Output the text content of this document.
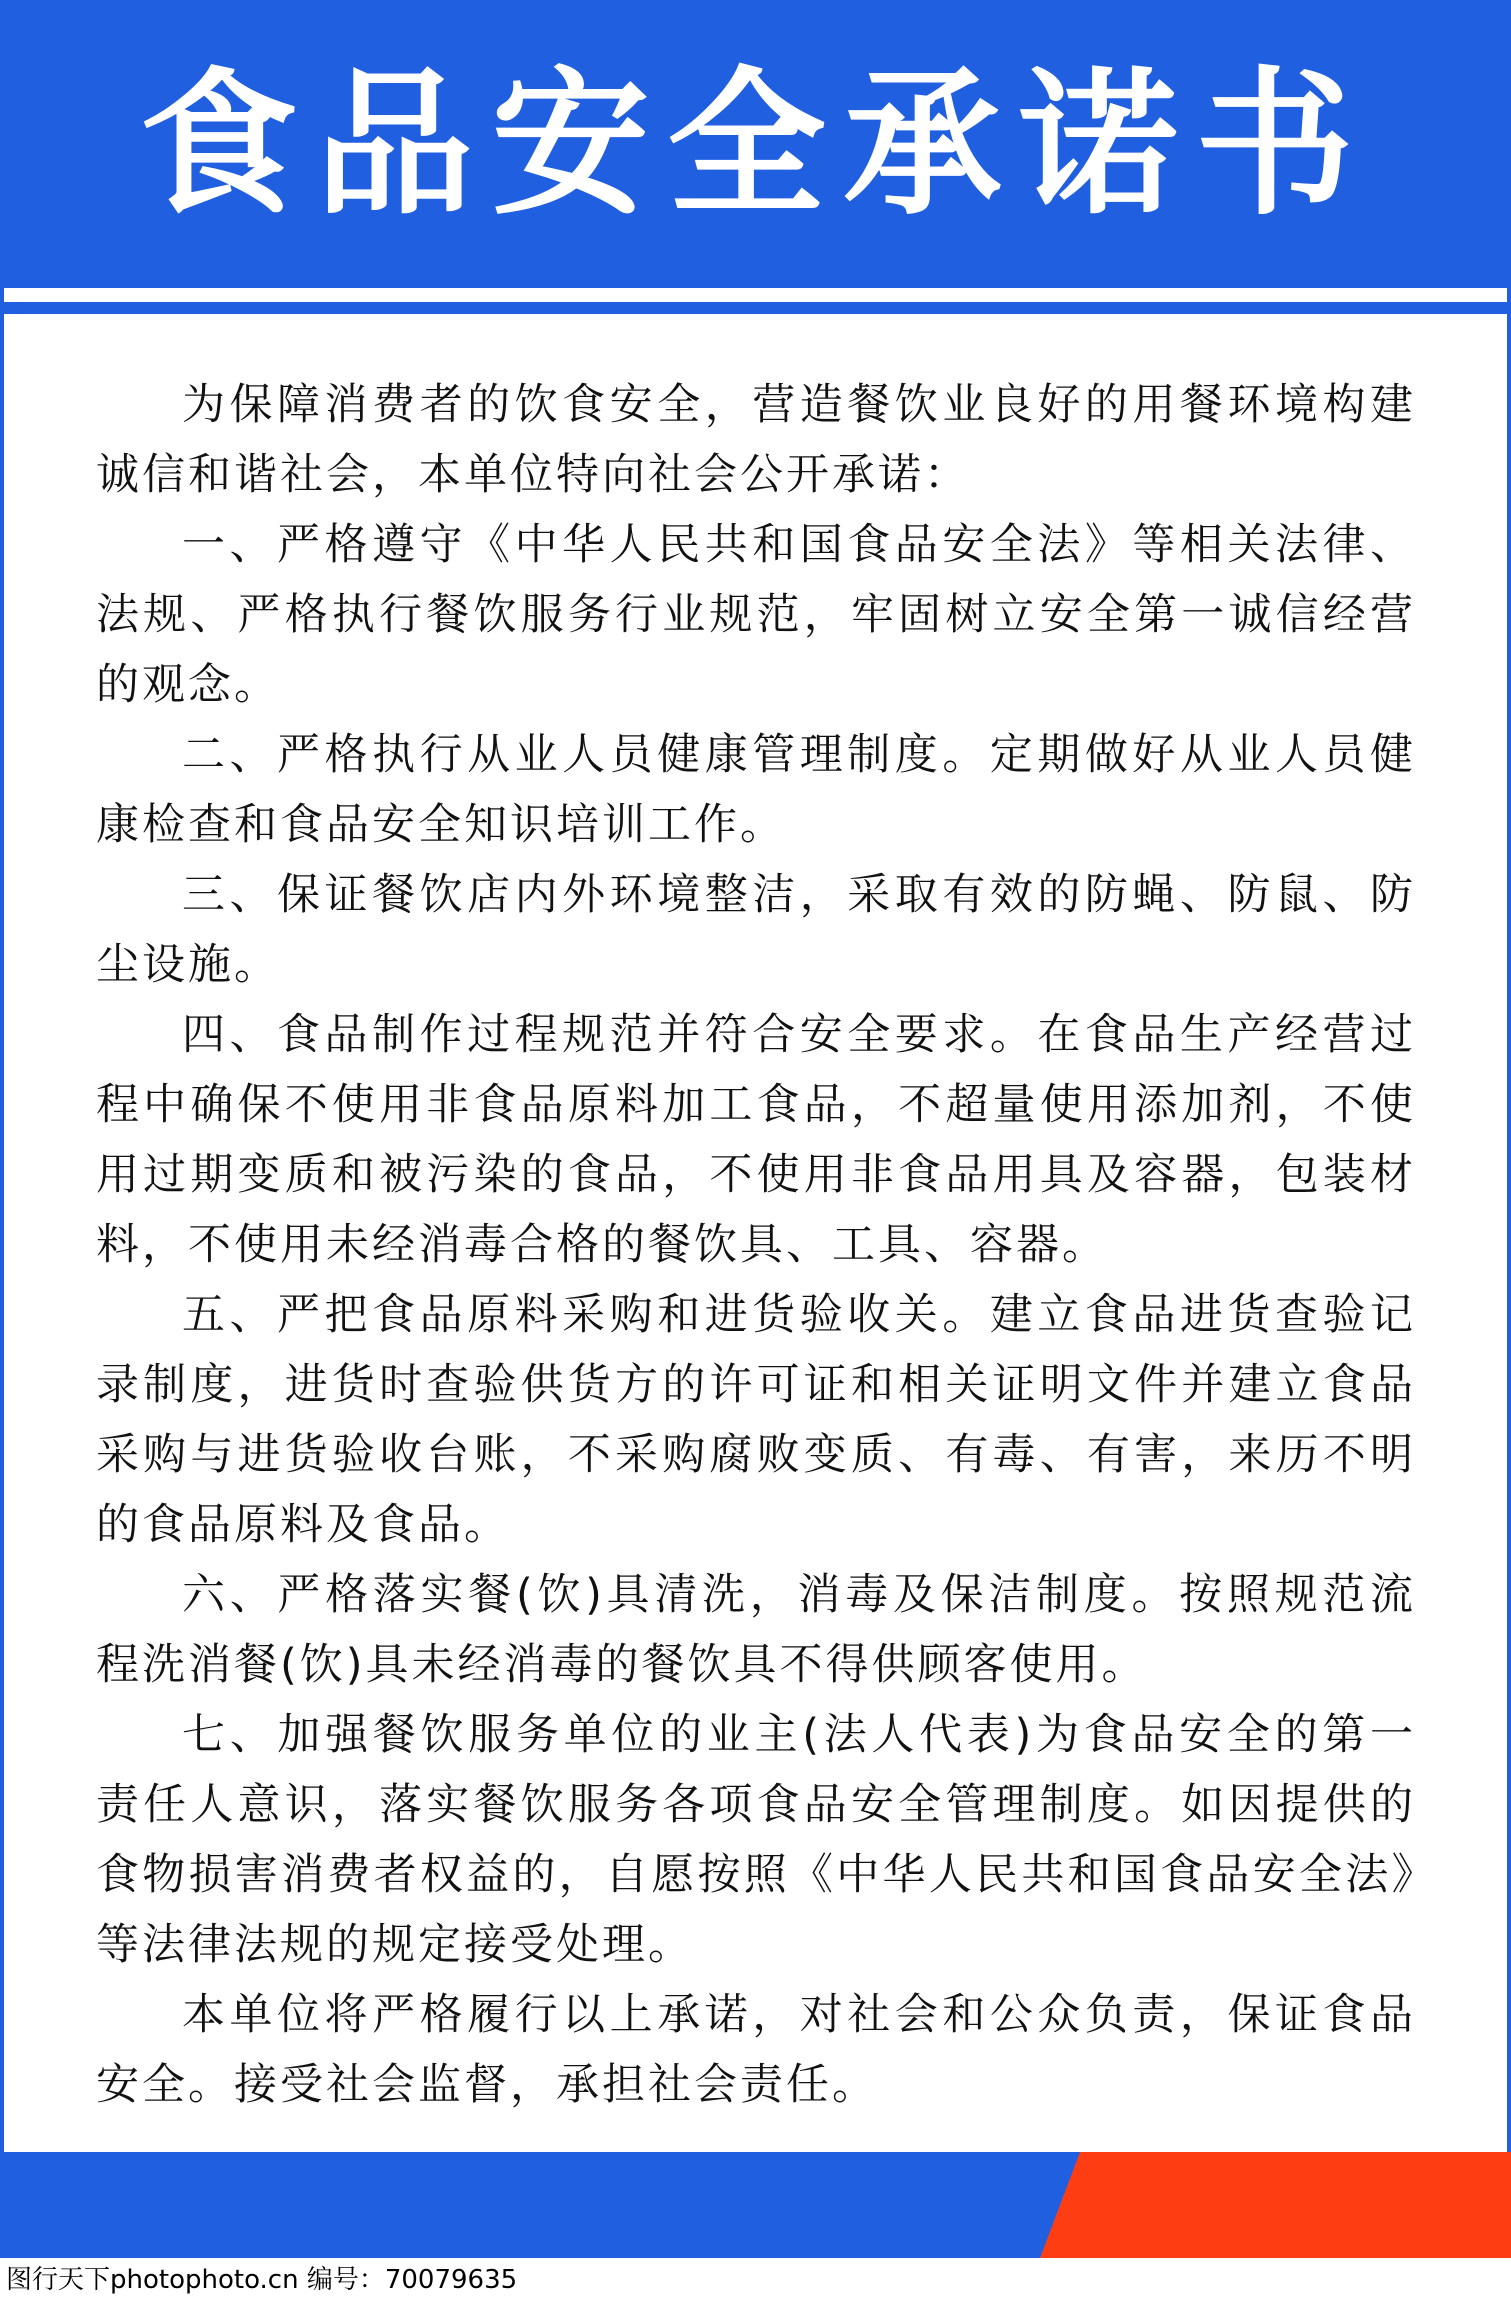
食品安全承诺书

为保障消费者的饮食安全，营造餐饮业良好的用餐环境构建诚信和谐社会，本单位特向社会公开承诺：

一、严格遵守《中华人民共和国食品安全法》等相关法律、法规、严格执行餐饮服务行业规范，牢固树立安全第一诚信经营的观念。

二、严格执行从业人员健康管理制度。定期做好从业人员健康检查和食品安全知识培训工作。

三、保证餐饮店内外环境整洁，采取有效的防蝇、防鼠、防尘设施。

四、食品制作过程规范并符合安全要求。在食品生产经营过程中确保不使用非食品原料加工食品，不超量使用添加剂，不使用过期变质和被污染的食品，不使用非食品用具及容器，包装材料，不使用未经消毒合格的餐饮具、工具、容器。

五、严把食品原料采购和进货验收关。建立食品进货查验记录制度，进货时查验供货方的许可证和相关证明文件并建立食品采购与进货验收台账，不采购腐败变质、有毒、有害，来历不明的食品原料及食品。

六、严格落实餐(饮)具清洗，消毒及保洁制度。按照规范流程洗消餐(饮)具未经消毒的餐饮具不得供顾客使用。

七、加强餐饮服务单位的业主(法人代表)为食品安全的第一责任人意识，落实餐饮服务各项食品安全管理制度。如因提供的食物损害消费者权益的，自愿按照《中华人民共和国食品安全法》等法律法规的规定接受处理。

本单位将严格履行以上承诺，对社会和公众负责，保证食品安全。接受社会监督，承担社会责任。

图行天下photophoto.cn 编号：70079635
